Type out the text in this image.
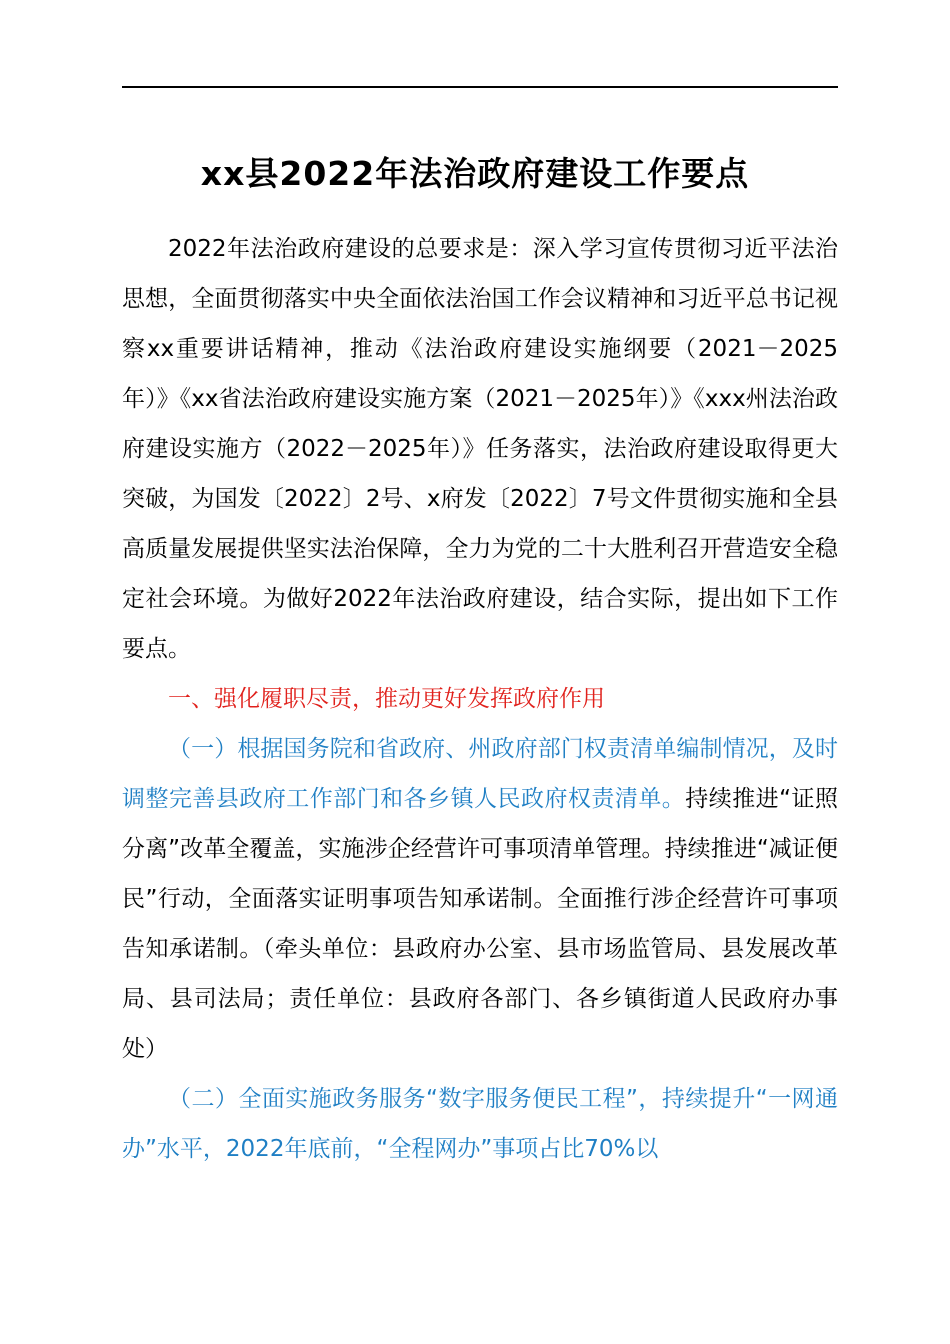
xx县2022年法治政府建设工作要点

2022年法治政府建设的总要求是：深入学习宣传贯彻习近平法治思想，全面贯彻落实中央全面依法治国工作会议精神和习近平总书记视察xx重要讲话精神，推动《法治政府建设实施纲要（2021－2025年）》《xx省法治政府建设实施方案（2021－2025年）》《xxx州法治政府建设实施方（2022－2025年）》任务落实，法治政府建设取得更大突破，为国发〔2022〕2号、x府发〔2022〕7号文件贯彻实施和全县高质量发展提供坚实法治保障，全力为党的二十大胜利召开营造安全稳定社会环境。为做好2022年法治政府建设，结合实际，提出如下工作要点。

一、强化履职尽责，推动更好发挥政府作用

（一）根据国务院和省政府、州政府部门权责清单编制情况，及时调整完善县政府工作部门和各乡镇人民政府权责清单。持续推进“证照分离”改革全覆盖，实施涉企经营许可事项清单管理。持续推进“减证便民”行动，全面落实证明事项告知承诺制。全面推行涉企经营许可事项告知承诺制。（牵头单位：县政府办公室、县市场监管局、县发展改革局、县司法局；责任单位：县政府各部门、各乡镇街道人民政府办事处）

（二）全面实施政务服务“数字服务便民工程”，持续提升“一网通办”水平，2022年底前，“全程网办”事项占比70%以
